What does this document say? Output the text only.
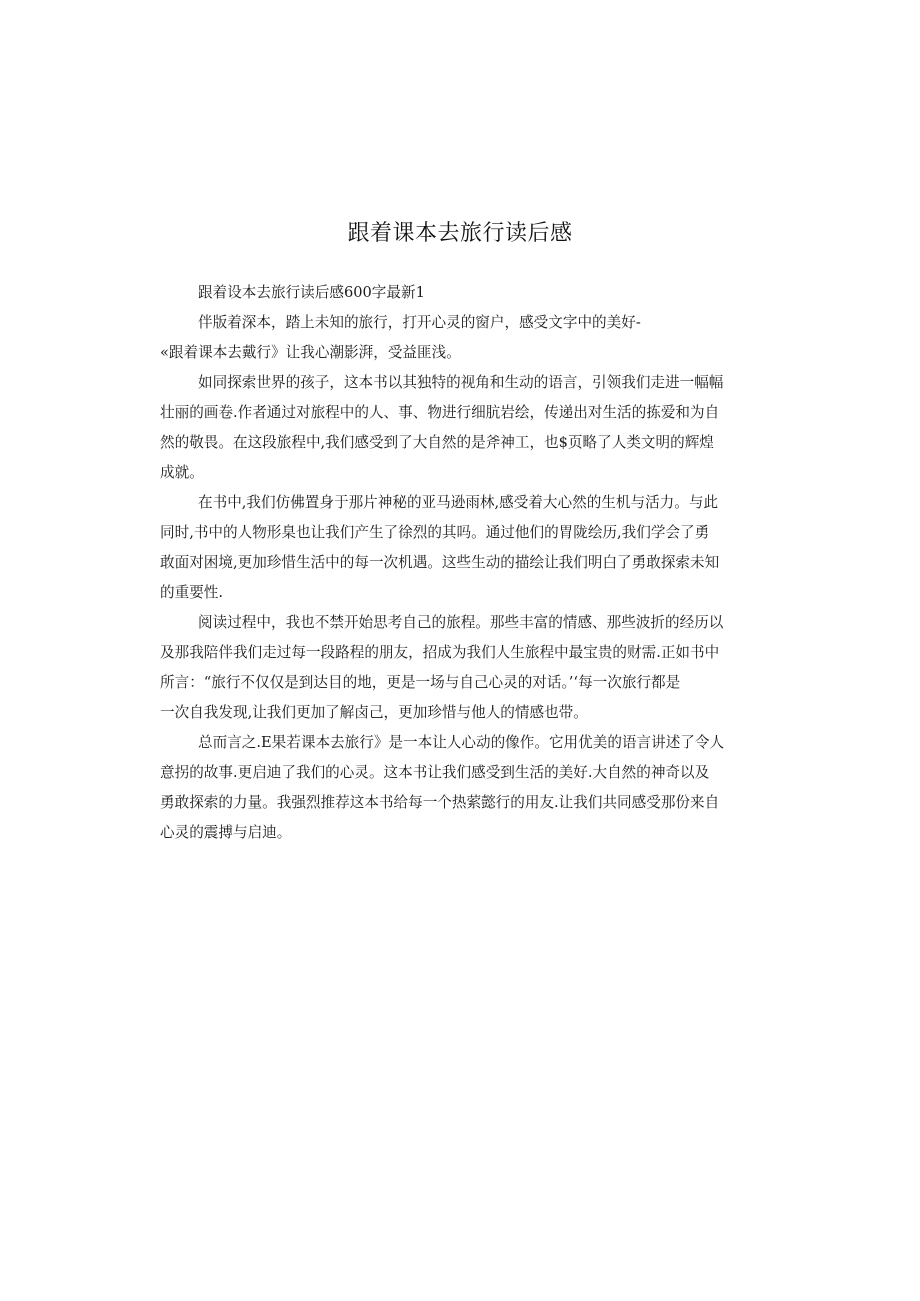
跟着课本去旅行读后感

跟着设本去旅行读后感600字最新1

伴版着深本，踏上未知的旅行，打开心灵的窗户，感受文字中的美好-

«跟着课本去戴行》让我心潮影湃，受益匪浅。

如同探索世界的孩子，这本书以其独特的视角和生动的语言，引领我们走进一幅幅

壮丽的画卷.作者通过对旅程中的人、事、物进行细肮岩绘，传递出对生活的拣爱和为自

然的敬畏。在这段旅程中,我们感受到了大自然的是斧神工，也$页略了人类文明的辉煌

成就。

在书中,我们仿佛置身于那片神秘的亚马逊雨林,感受着大心然的生机与活力。与此

同时,书中的人物形臬也让我们产生了徐烈的其吗。通过他们的胃陇绘历,我们学会了勇

敢面对困境,更加珍惜生活中的每一次机遇。这些生动的描绘让我们明白了勇敢探索未知

的重要性.

阅读过程中，我也不禁开始思考自己的旅程。那些丰富的情感、那些波折的经历以

及那我陪伴我们走过每一段路程的朋友，招成为我们人生旅程中最宝贵的财需.正如书中

所言：“旅行不仅仅是到达目的地，更是一场与自己心灵的对话。’‘每一次旅行都是

一次自我发现,让我们更加了解卤己，更加珍惜与他人的情感也带。

总而言之.E果若课本去旅行》是一本让人心动的像作。它用优美的语言讲述了令人

意拐的故事.更启迪了我们的心灵。这本书让我们感受到生活的美好.大自然的神奇以及

勇敢探索的力量。我强烈推荐这本书给每一个热萦懿行的用友.让我们共同感受那份来自

心灵的震搏与启迪。
